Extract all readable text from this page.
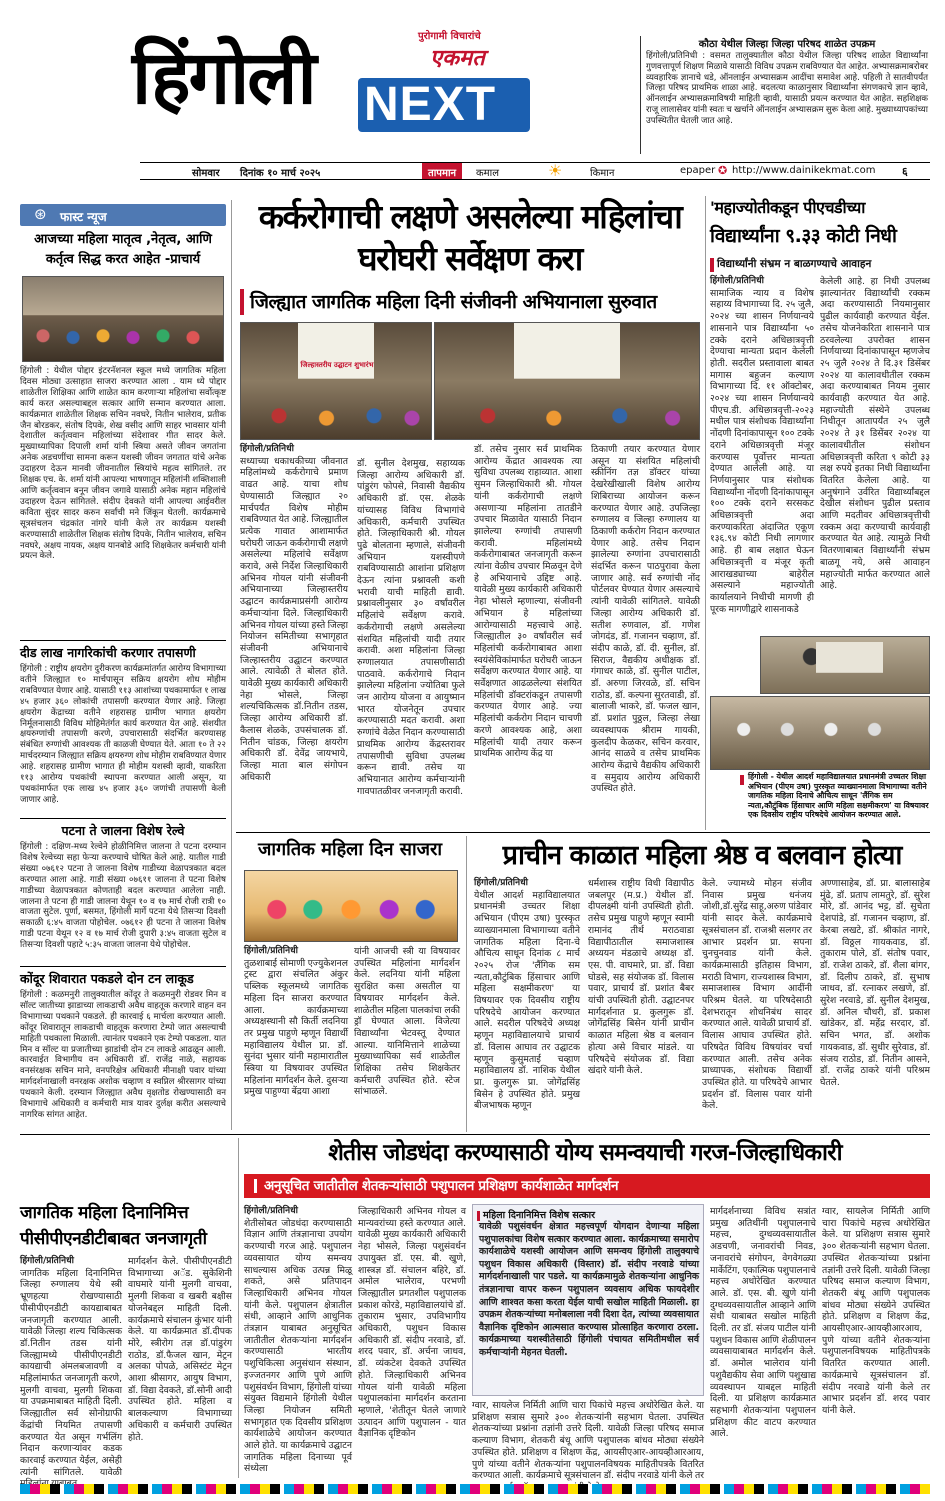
हिंगोली	पुरोगामी विचारांचे
एकमत
NEXT
कौठा येथील जिल्हा जिल्हा परिषद शाळेत उपक्रम
हिंगोली/प्रतिनिधी : वसमत तालुक्यातील कौठा येथील जिल्हा परिषद शाळेत विद्यार्थ्यांना गुणवत्तापूर्ण शिक्षण मिळावे यासाठी विविध उपक्रम राबविण्यात येत आहेत. अभ्यासक्रमाबरोबर व्यवहारिक ज्ञानाचे धडे, ऑनलाईन अभ्यासक्रम आदींचा समावेश आहे. पहिली ते सातवीपर्यंत जिल्हा परिषद प्राथमिक शाळा आहे. बदलत्या काळानुसार विद्यार्थ्यांना संगणकाचे ज्ञान व्हावे, ऑनलाईन अभ्यासक्रमाविषयी माहिती व्हावी, यासाठी प्रयत्न करण्यात येत आहेत. सहशिक्षक राजू लालासेवर यांनी स्वतः च खर्चाने ऑनलाईन अभ्यासक्रम सुरू केला आहे. मुख्याध्यापकांच्या उपस्थितीत घेतली जात आहे.
सोमवार दिनांक १० मार्च २०२५	तापमान	कमाल	☀	किमान	epaper ✪ http://www.dainikekmat.com ६
⊛ फास्ट न्यूज
आजच्या महिला मातृत्व ,नेतृत्व, आणि कर्तृत्व सिद्ध करत आहेत -प्राचार्य
हिंगोली : येथील पोद्दार इंटरनॅशनल स्कूल मध्ये जागतिक महिला दिवस मोठ्या उत्साहात साजरा करण्यात आला . याम ध्ये पोद्दार शाळेतील शिक्षिका आणि शाळेत काम करणाऱ्या महिलांचा सर्वोत्कृष्ट कार्य करत असल्याबद्दल सत्कार आणि सन्मान करण्यात आला. कार्यक्रमात शाळेतील शिक्षक सचिन नवघरे, नितीन भालेराव, प्रतीक जैन बोरडकर, संतोष दिपके, शेख वसीद आणि साहर भावसार यांनी देशातील कर्तृत्ववान महिलांच्या संदेशावर गीत सादर केले. मुख्याध्यापिका दिपाली शर्मा यांनी स्त्रिया असते जीवन जगतांना अनेक अडचणींचा सामना करून यशस्वी जीवन जगतात यांचे अनेक उदाहरण देऊन मानवी जीवनातील स्त्रियांचे महत्व सांगितले. तर शिक्षक एच. के. शर्मा यांनी आपल्या भाषणातून महिलांनी शक्तिशाली आणि कर्तृत्ववान बनून जीवन जगावे यासाठी अनेक महान महिलांचे उदाहरण देऊन सांगितले. संदीप देवकते यांनी आपल्या आईवरील कविता सुंदर सादर करुन सर्वांची मने जिंकून घेतली. कार्यक्रमाचे सूत्रसंचलन चंद्रकांत नांगरे यांनी केले तर कार्यक्रम यशस्वी करण्यासाठी शाळेतील शिक्षक संतोष दिपके, नितीन भालेराव, सचिन नवघरे, अक्षय नायक, अक्षय यानबोडे आदि शिक्षकेतर कर्मचारी यांनी प्रयत्न केले.
दीड लाख नागरिकांची करणार तपासणी
हिंगोली : राष्ट्रीय क्षयरोग दुरीकरण कार्यक्रमांतर्गत आरोग्य विभागाच्या वतीने जिल्ह्यात १० मार्चपासून सक्रिय क्षयरोग शोध मोहीम राबविण्यात येणार आहे. यासाठी ११३ आशांच्या पथकामार्फत १ लाख ४५ हजार ३६० लोकांची तपासणी करण्यात येणार आहे. जिल्हा क्षयरोग केंद्राच्या वतीने शहरासह ग्रामीण भागात क्षयरोग निर्मूलनासाठी विविध मोहिमेतंर्गत कार्य करण्यात येत आहे. संशयीत क्षयरुग्णांची तपासणी करणे, उपचारासाठी संदर्भित करण्यासह संबंधित रुग्णांची आवश्यक ती काळजी घेण्यात येते. आता १० ते २२ मार्चदरम्यान जिल्ह्यात सक्रिय क्षयरुग्ण शोध मोहीम राबविण्यात येणार आहे. शहरासह ग्रामीण भागात ही मोहीम यशस्वी व्हावी, याकरिता ११३ आरोग्य पथकांची स्थापना करण्यात आली असून, या पथकांमार्फत एक लाख ४५ हजार ३६० जणांची तपासणी केली जाणार आहे.
पटना ते जालना विशेष रेल्वे
हिंगोली : दक्षिण-मध्य रेल्वेने होळीनिमित्त जालना ते पटना दरम्यान विशेष रेल्वेच्या सहा फेऱ्या करण्याचे घोषित केले आहे. यातील गाडी संख्या ०७६१२ पटना ते जालना विशेष गाडीच्या वेळापत्रकात बदल करण्यात आला आहे. गाडी संख्या ०७६११ जालना ते पटना विशेष गाडीच्या वेळापत्रकात कोणताही बदल करण्यात आलेला नाही. जालना ते पटना ही गाडी जालना येथून १० व १७ मार्च रोजी रात्री १० वाजता सुटेल. पूर्णा, बसमत, हिंगोली मार्गे पटना येथे तिसऱ्या दिवशी सकाळी ६:४५ वाजता पोहोचेल. ०७६१२ ही पटना ते जालना विशेष गाडी पटना येथून १२ व १७ मार्च रोजी दुपारी ३:४५ वाजता सुटेल व तिसऱ्या दिवशी पहाटे ५:३५ वाजता जालना येथे पोहोचेल.
कोंदूर शिवारात पकडले दोन टन लाकूड
हिंगोली : कळमनुरी तालुक्यातील कोंदूर ते कळमनुरी रोडवर मिन व सॉल्ट जातीच्या झाडाच्या लाकडाची अवैध वाहतूक करणारे वाहन वन विभागाच्या पथकाने पकडले. ही कारवाई ६ मार्चला करण्यात आली. कोंदूर शिवारातून लाकडाची वाहतूक करणारा टेम्पो जात असल्याची माहिती पथकाला मिळाली. त्यानंतर पथकाने एक टेम्पो पकडला. यात मिन व सॉल्ट या प्रजातीच्या झाडांची दोन टन लाकडे आढळून आली. कारवाईत विभागीय वन अधिकारी डॉ. राजेंद्र नाळे, सहायक वनसंरक्षक सचिन माने, वनपरिक्षेत्र अधिकारी मीनाक्षी पवार यांच्या मार्गदर्शनाखाली वनरक्षक अशोक चव्हाण व स्वप्निल श्रीरसागर यांच्या पथकाने केली. दरम्यान जिल्ह्यात अवैध वृक्षतोड रोखण्यासाठी वन विभागाचे अधिकारी व कर्मचारी मात्र यावर दुर्लक्ष करीत असल्याचे नागरिक सांगत आहेत.
कर्करोगाची लक्षणे असलेल्या महिलांचा घरोघरी सर्वेक्षण करा
जिल्ह्यात जागतिक महिला दिनी संजीवनी अभियानाला सुरुवात
जिल्हास्तरीय उद्घाटन शुभारंभ
हिंगोली/प्रतिनिधी
सध्याच्या धकाधकीच्या जीवनात महिलांमध्ये कर्करोगाचे प्रमाण वाढत आहे. याचा शोध घेण्यासाठी जिल्ह्यात २० मार्चपर्यंत विशेष मोहीम राबविण्यात येत आहे. जिल्ह्यातील प्रत्येक गावात आशामार्फत घरोघरी जाऊन कर्करोगाची लक्षणे असलेल्या महिलांचे सर्वेक्षण करावे, असे निर्देश जिल्हाधिकारी अभिनव गोयल यांनी संजीवनी अभियानाच्या जिल्हास्तरीय उद्घाटन कार्यक्रमाप्रसंगी आरोग्य कर्मचाऱ्यांना दिले. जिल्हाधिकारी अभिनव गोयल यांच्या हस्ते जिल्हा नियोजन समितीच्या सभागृहात संजीवनी अभियानाचे जिल्हास्तरीय उद्घाटन करण्यात आले. त्यावेळी ते बोलत होते. यावेळी मुख्य कार्यकारी अधिकारी नेहा भोसले, जिल्हा शल्यचिकित्सक डॉ.नितीन तडस, जिल्हा आरोग्य अधिकारी डॉ. कैलास शेळके, उपसंचालक डॉ. नितीन चांडक, जिल्हा क्षयरोग अधिकारी डॉ. देवेंद्र जायभाये, जिल्हा माता बाल संगोपन अधिकारी
डॉ. सुनील देशमुख, सहाय्यक जिल्हा आरोग्य अधिकारी डॉ. पांडुरंग फोपसे, निवासी वैद्यकीय अधिकारी डॉ. एस. शेळके यांच्यासह विविध विभागांचे अधिकारी, कर्मचारी उपस्थित होते. जिल्हाधिकारी श्री. गोयल पुढे बोलताना म्हणाले, संजीवनी अभियान यशस्वीपणे राबविण्यासाठी आशांना प्रशिक्षण देऊन त्यांना प्रश्नावली कशी भरावी याची माहिती द्यावी. प्रश्नावलीनुसार ३० वर्षांवरील महिलांचे सर्वेक्षण करावे. कर्करोगाची लक्षणे असलेल्या संशयित महिलांची यादी तयार करावी. अशा महिलांना जिल्हा रुग्णालयात तपासणीसाठी पाठवावे. कर्करोगाचे निदान झालेल्या महिलांना ज्योतिबा फुले जन आरोग्य योजना व आयुष्मान भारत योजनेतून उपचार करण्यासाठी मदत करावी. अशा रुग्णांचे वेळेत निदान करण्यासाठी प्राथमिक आरोग्य केंद्रस्तरावर तपासणीची सुविधा उपलब्ध करून द्यावी. तसेच या अभियानात आरोग्य कर्मचाऱ्यांनी गावपातळीवर जनजागृती करावी.
डॉ. तसेच नुसार सर्व प्राथमिक आरोग्य केंद्रात आवश्यक त्या सुविधा उपलब्ध राहाव्यात. आशा सुमन जिल्हाधिकारी श्री. गोयल यांनी कर्करोगाची लक्षणे असणाऱ्या महिलांना तातडीने उपचार मिळावेत यासाठी निदान झालेल्या रुग्णांची तपासणी करावी. महिलांमध्ये कर्करोगाबाबत जनजागृती करून त्यांना वेळीच उपचार मिळवून देणे हे अभियानाचे उद्दिष्ट आहे. यावेळी मुख्य कार्यकारी अधिकारी नेहा भोसले म्हणाल्या, संजीवनी अभियान हे महिलांच्या आरोग्यासाठी महत्त्वाचे आहे. जिल्ह्यातील ३० वर्षांवरील सर्व महिलांची कर्करोगाबाबत आशा स्वयंसेविकांमार्फत घरोघरी जाऊन सर्वेक्षण करण्यात येणार आहे. या सर्वेक्षणात आढळलेल्या संशयित महिलांची डॉक्टरांकडून तपासणी करण्यात येणार आहे. ज्या महिलांची कर्करोग निदान चाचणी करणे आवश्यक आहे, अशा महिलांची यादी तयार करून प्राथमिक आरोग्य केंद्र या
ठिकाणी तयार करण्यात येणार असून या संशयित महिलांची स्क्रीनिंग तज्ञ डॉक्टर यांच्या देखरेखीखाली विशेष आरोग्य शिबिराच्या आयोजन करून करण्यात येणार आहे. उपजिल्हा रुग्णालय व जिल्हा रुग्णालय या ठिकाणी कर्करोग निदान करण्यात येणार आहे. तसेच निदान झालेल्या रुग्णांना उपचारासाठी संदर्भित करून पाठपुरावा केला जाणार आहे. सर्व रुग्णांची नोंद पोर्टलवर घेण्यात येणार असल्याचे त्यांनी यावेळी सांगितले. यावेळी जिल्हा आरोग्य अधिकारी डॉ. सतीश रुणवाल, डॉ. गणेश जोगदंड, डॉ. गजानन चव्हाण, डॉ. संदीप काळे, डॉ. दी. सुनील, डॉ. सिराज, वैद्यकीय अधीक्षक डॉ. गंगाधर काळे, डॉ. सुनील पाटील, डॉ. अरुणा जिरवळे, डॉ. सचिन राठोड, डॉ. कल्पना सुरतवाडी, डॉ. बालाजी भाकरे, डॉ. फजल खान, डॉ. प्रशांत पुठ्ठल, जिल्हा लेखा व्यवस्थापक श्रीराम गायकी, कुलदीप केळकर, सचिन करवार, आनंद साळवे व तसेच प्राथमिक आरोग्य केंद्राचे वैद्यकीय अधिकारी व समुदाय आरोग्य अधिकारी उपस्थित होते.
'महाज्योतीकडून पीएचडीच्या
विद्यार्थ्यांना ९.३३ कोटी निधी
विद्यार्थ्यांनी संभ्रम न बाळगण्याचे आवाहन
हिंगोली/प्रतिनिधी
सामाजिक न्याय व विशेष सहाय्य विभागाच्या दि. २५ जुलै, २०२४ च्या शासन निर्णयान्वये शासनाने पात्र विद्यार्थ्यांना ५० टक्के दराने अधिछात्रवृत्ती देण्याचा मान्यता प्रदान केलेली होती. सदरील प्रस्तावाला बाबत मागास बहुजन कल्याण विभागाच्या दि. ११ ऑक्टोबर, २०२४ च्या शासन निर्णयान्वये पीएच.डी. अधिछात्रवृत्ती-२०२३ मधील पात्र संशोधक विद्यार्थ्यांना नोंदणी दिनांकापासून १०० टक्के दराने अधिछात्रवृत्ती मंजूर करण्यास पूर्वोत्तर मान्यता देण्यात आलेली आहे. या निर्णयानुसार पात्र संशोधक विद्यार्थ्यांना नोंदणी दिनांकापासून १०० टक्के दराने सरसकट अधिछात्रवृत्ती अदा करण्याकरिता अंदाजित एकूण १३६.९४ कोटी निधी लागणार आहे. ही बाब लक्षात घेऊन अधिछात्रवृत्ती व मंजूर कृती आराखड्याच्या बाहेरील असल्याने महाज्योती कार्यालयाने निधीची मागणी ही पूरक मागणीद्वारे शासनाकडे
केलेली आहे. हा निधी उपलब्ध झाल्यानंतर विद्यार्थ्यांची रक्कम अदा करण्यासाठी नियमानुसार पुढील कार्यवाही करण्यात येईल. तसेच योजनेकरिता शासनाने पात्र ठरवलेल्या उपरोक्त शासन निर्णयाच्या दिनांकापासून म्हणजेच २५ जुलै २०२४ ते दि.३१ डिसेंबर २०२४ या कालावधीतील रक्कम अदा करण्याबाबत नियम नुसार कार्यवाही करण्यात येत आहे. महाज्योती संस्थेने उपलब्ध निधीतून आतापर्यंत २५ जुलै २०२४ ते ३१ डिसेंबर २०२४ या कालावधीतील संशोधन अधिछात्रवृत्ती करिता ९ कोटी ३३ लक्ष रुपये इतका निधी विद्यार्थ्यांना वितरित केलेला आहे. या अनुषंगाने उर्वरित विद्यार्थ्यांबद्दल देखील संशोधन पुढील प्रस्ताव आणि मदतीवर अधिछात्रवृत्तीची रक्कम अदा करण्याची कार्यवाही करण्यात येत आहे. त्यामुळे निधी वितरणाबाबत विद्यार्थ्यांनी संभ्रम बाळगू नये, असे आवाहन महाज्योती मार्फत करण्यात आले आहे.
हिंगोली - येथील आदर्श महाविद्यालयात प्रधानमंत्री उच्चतर शिक्षा अभियान (पीएम उषा) पुरस्कृत व्याख्यानमाला विभागाच्या वतीने जागतिक महिला दिनाचे औचित्य साधून 'लैंगिक सम न्यता,कौटुंबिक हिंसाचार आणि महिला सक्षमीकरण' या विषयावर एक दिवसीय राष्ट्रीय परिषदेचे आयोजन करण्यात आले.
जागतिक महिला दिन साजरा
हिंगोली/प्रतिनिधी
तुळशाबाई सोमाणी एज्युकेशनल ट्रस्ट द्वारा संचलित अंकुर पब्लिक स्कूलमध्ये जागतिक महिला दिन साजरा करण्यात आला. कार्यक्रमाच्या अध्यक्षस्थानी सौ किर्ती लदनिया तर प्रमुख पाहुणे म्हणून विद्यार्थी महाविद्यालय येथील प्रा. डॉ. सुनंदा भुसार यांनी महामारातील स्त्रिया या विषयावर उपस्थित महिलांना मार्गदर्शन केले. दुसऱ्या प्रमुख पाहुण्या बेंद्रया आशा
यांनी आजची स्त्री या विषयावर उपस्थित महिलांना मार्गदर्शन केले. लदनिया यांनी महिला सुरक्षित कसा असतील या विषयावर मार्गदर्शन केले. शाळेतील महिला पालकांचा लकी ड्रॉ घेण्यात आला. विजेत्या विद्यार्थ्यांना भेटवस्तू देण्यात आल्या. यानिमित्ताने शाळेच्या मुख्याध्यापिका सर्व शाळेतील शिक्षिका तसेच शिक्षकेतर कर्मचारी उपस्थित होते. स्टेज सांभाळले.
प्राचीन काळात महिला श्रेष्ठ व बलवान होत्या
हिंगोली/प्रतिनिधी
येथील आदर्श महाविद्यालयात प्रधानमंत्री उच्चतर शिक्षा अभियान (पीएम उषा) पुरस्कृत व्याख्यानमाला विभागाच्या वतीने जागतिक महिला दिना-चे औचित्य साधून दिनांक ८ मार्च २०२५ रोज 'लैंगिक सम न्यता,कौटुंबिक हिंसाचार आणि महिला सक्षमीकरण' या विषयावर एक दिवसीय राष्ट्रीय परिषदेचे आयोजन करण्यात आले. सदरील परिषदेचे अध्यक्ष म्हणून महाविद्यालयाचे प्राचार्य डॉ. विलास आघाव तर उद्घाटक म्हणून कुसुमताई चव्हाण महाविद्यालय डॉ. नाशिक येथील प्रा. कुलगुरू प्रा. जोगेंद्रसिंह बिसेन हे उपस्थित होते. प्रमुख बीजभाषक म्हणून
धर्मशास्त्र राष्ट्रीय विधी विद्यापीठ जबलपूर (म.प्र.) येथील डॉ. दीपलक्ष्मी यांनी उपस्थिती होती. तसेच प्रमुख पाहुणे म्हणून स्वामी रामानंद तीर्थ मराठवाडा विद्यापीठातील समाजशास्त्र अध्ययन मंडळाचे अध्यक्ष डॉ. एस. पी. वाघमारे, प्रा. डॉ. विद्या घोडसे, सह संयोजक डॉ. विलास पवार, प्राचार्य डॉ. प्रशांत बैबर यांची उपस्थिती होती. उद्घाटनपर मार्गदर्शनात प्र. कुलगुरू डॉ. जोगेंद्रसिंह बिसेन यांनी प्राचीन काळात महिला श्रेष्ठ व बलवान होत्या असे विचार मांडले. या परिषदेचे संयोजक डॉ. विद्या खंदारे यांनी केले.
केले. ज्यामध्ये मोहन संजीव निवास प्रमुख धनंजय जोशी,डॉ.सुरेंद्र साहू,अरुण पांडेवार यांनी सादर केले. कार्यक्रमाचे सूत्रसंचालन डॉ. राजश्री सलगर तर आभार प्रदर्शन प्रा. सपना चुनचुनवाड यांनी केले. कार्यक्रमासाठी इतिहास विभाग, मराठी विभाग, राज्यशास्त्र विभाग, समाजशास्त्र विभाग आदींनी परिश्रम घेतले. या परिषदेसाठी देशभरातून शोधनिबंध सादर करण्यात आले. यावेळी प्राचार्य डॉ. विलास आघाव उपस्थित होते. परिषदेत विविध विषयांवर चर्चा करण्यात आली. तसेच अनेक प्राध्यापक, संशोधक विद्यार्थी उपस्थित होते. या परिषदेचे आभार प्रदर्शन डॉ. विलास पवार यांनी केले.
अण्णासाहेब, डॉ. प्रा. बालासाहेब मुंढे, डॉ. प्रताप लामतुरे, डॉ. सुरेश मोरे, डॉ. आनंद भट्ट, डॉ. सुचेता देशपांडे, डॉ. गजानन चव्हाण, डॉ. केरबा लखटे, डॉ. श्रीकांत नागरे, डॉ. विठ्ठल गायकवाड, डॉ. तुकाराम पोले, डॉ. संतोष पवार, डॉ. राजेश ठाकरे, डॉ. शैला बांगर, डॉ. दिलीप ठाकरे, डॉ. सुभाष जाधव, डॉ. रत्नाकर लखणे, डॉ. सुरेश नरवाडे, डॉ. सुनील देशमुख, डॉ. अनिल चौधरी, डॉ. प्रकाश खांडेकर, डॉ. महेंद्र सरदार, डॉ. सचिन भगत, डॉ. अशोक गायकवाड, डॉ. सुधीर सुरेवाड, डॉ. संजय राठोड, डॉ. नितीन आसने, डॉ. राजेंद्र ठाकरे यांनी परिश्रम घेतले.
शेतीस जोडधंदा करण्यासाठी योग्य समन्वयाची गरज-जिल्हाधिकारी
अनुसूचित जातीतील शेतकऱ्यांसाठी पशुपालन प्रशिक्षण कार्यशाळेत मार्गदर्शन
हिंगोली/प्रतिनिधी
शेतीसोबत जोडधंदा करण्यासाठी विज्ञान आणि तंत्रज्ञानाचा उपयोग करण्याची गरज आहे. पशुपालन व्यवसायात योग्य समन्वय साधल्यास अधिक उत्पन्न मिळू शकते, असे प्रतिपादन जिल्हाधिकारी अभिनव गोयल यांनी केले. पशुपालन क्षेत्रातील संधी, आव्हाने आणि आधुनिक तंत्रज्ञान याबाबत अनुसूचित जातीतील शेतकऱ्यांना मार्गदर्शन करण्यासाठी भारतीय पशुचिकित्सा अनुसंधान संस्थान, इज्जतनगर आणि पुणे आणि पशुसंवर्धन विभाग, हिंगोली यांच्या संयुक्त विद्यमाने हिंगोली येथील जिल्हा नियोजन समिती सभागृहात एक दिवसीय प्रशिक्षण कार्यशाळेचे आयोजन करण्यात आले होते. या कार्यक्रमाचे उद्घाटन जागतिक महिला दिनाच्या पूर्व संध्येला
जिल्हाधिकारी अभिनव गोयल व मान्यवरांच्या हस्ते करण्यात आले. यावेळी मुख्य कार्यकारी अधिकारी नेहा भोसले, जिल्हा पशुसंवर्धन उपायुक्त डॉ. एस. बी. खुणे, शास्त्रज्ञ डॉ. संचालन बहिरे, डॉ. अमोल भालेराव, परभणी जिल्ह्यातील प्रगतशील पशुपालक प्रकाश कोरडे, महाविद्यालयांचे डॉ. तुकाराम भुसार, उपविभागीय अधिकारी, पशुधन विकास अधिकारी डॉ. संदीप नरवाडे, डॉ. शरद पवार, डॉ. अर्चना जाधव, डॉ. व्यंकटेश देवकते उपस्थित होते. जिल्हाधिकारी अभिनव गोयल यांनी यावेळी महिला पशुपालकांना मार्गदर्शन करताना म्हणाले, 'शेतीतून घेतले जाणारे उत्पादन आणि पशुपालन - यात वैज्ञानिक दृष्टिकोन
महिला दिनानिमित्त विशेष सत्कार
यावेळी पशुसंवर्धन क्षेत्रात महत्त्वपूर्ण योगदान देणाऱ्या महिला पशुपालकांचा विशेष सत्कार करण्यात आला. कार्यक्रमाच्या समारोप कार्यशाळेचे यशस्वी आयोजन आणि समन्वय हिंगोली तालुक्याचे पशुधन विकास अधिकारी (विस्तार) डॉ. संदीप नरवाडे यांच्या मार्गदर्शनाखाली पार पडले. या कार्यक्रमामुळे शेतकऱ्यांना आधुनिक तंत्रज्ञानाचा वापर करून पशुपालन व्यवसाय अधिक फायदेशीर आणि शाश्वत कसा करता येईल याची सखोल माहिती मिळाली. हा उपक्रम शेतकऱ्यांच्या मनोबलाला नवी दिशा देत, त्यांच्या व्यवसायात वैज्ञानिक दृष्टिकोन आत्मसात करण्यास प्रोत्साहित करणारा ठरला. कार्यक्रमाच्या यशस्वीतेसाठी हिंगोली पंचायत समितीमधील सर्व कर्मचाऱ्यांनी मेहनत घेतली.
ग्वार, सायलेज निर्मिती आणि चारा पिकांचे महत्त्व अधोरेखित केले. या प्रशिक्षण सत्रास सुमारे ३०० शेतकऱ्यांनी सहभाग घेतला. उपस्थित शेतकऱ्यांच्या प्रश्नांना तज्ञांनी उत्तरे दिली. यावेळी जिल्हा परिषद समाज कल्याण विभाग, शेतकरी बंधू आणि पशुपालक बांधव मोठ्या संख्येने उपस्थित होते. प्रशिक्षण व शिक्षण केंद्र, आयसीएआर-आयव्हीआरआय, पुणे यांच्या वतीने शेतकऱ्यांना पशुपालनविषयक माहितीपत्रके वितरित करण्यात आली. कार्यक्रमाचे सूत्रसंचालन डॉ. संदीप नरवाडे यांनी केले तर
मार्गदर्शनाच्या विविध सत्रांत प्रमुख अतिथींनी पशुपालनाचे महत्त्व, दुग्धव्यवसायातील अडचणी, जनावरांची निवड, जनावरांचे संगोपन, वेगवेगळ्या मार्केटिंग, एकात्मिक पशुपालनाचे महत्त्व अधोरेखित करण्यात आले. डॉ. एस. बी. खुणे यांनी दुग्धव्यवसायातील आव्हाने आणि संधी याबाबत सखोल माहिती दिली. तर डॉ. संजय पाटील यांनी पशुधन विकास आणि शेळीपालन व्यवसायाबाबत मार्गदर्शन केले. डॉ. अमोल भालेराव यांनी पशुवैद्यकीय सेवा आणि पशुखाद्य व्यवस्थापन याबद्दल माहिती दिली. या प्रशिक्षण कार्यक्रमात सहभागी शेतकऱ्यांना पशुपालन प्रशिक्षण कीट वाटप करण्यात आले.
ग्वार, सायलेज निर्मिती आणि चारा पिकांचे महत्त्व अधोरेखित केले. या प्रशिक्षण सत्रास सुमारे ३०० शेतकऱ्यांनी सहभाग घेतला. उपस्थित शेतकऱ्यांच्या प्रश्नांना तज्ञांनी उत्तरे दिली. यावेळी जिल्हा परिषद समाज कल्याण विभाग, शेतकरी बंधू आणि पशुपालक बांधव मोठ्या संख्येने उपस्थित होते. प्रशिक्षण व शिक्षण केंद्र, आयसीएआर-आयव्हीआरआय, पुणे यांच्या वतीने शेतकऱ्यांना पशुपालनविषयक माहितीपत्रके वितरित करण्यात आली. कार्यक्रमाचे सूत्रसंचालन डॉ. संदीप नरवाडे यांनी केले तर आभार प्रदर्शन डॉ. शरद पवार यांनी केले.
जागतिक महिला दिनानिमित्त पीसीपीएनडीटीबाबत जनजागृती
हिंगोली/प्रतिनिधी
जागतिक महिला दिनानिमित्त जिल्हा रुग्णालय येथे स्त्री भ्रूणहत्या रोखण्यासाठी पीसीपीएनडीटी कायद्याबाबत जनजागृती करण्यात आली. यावेळी जिल्हा शल्य चिकित्सक डॉ.नितीन तडस यांनी जिल्ह्यामध्ये पीसीपीएनडीटी कायद्याची अंमलबजावणी व महिलांमार्फत जनजागृती करणे, मुलगी वाचवा, मुलगी शिकवा या उपक्रमाबाबत माहिती दिली. जिल्ह्यातील सर्व सोनोग्राफी केंद्रांची नियमित तपासणी करण्यात येत असून गर्भलिंग निदान करणाऱ्यांवर कडक कारवाई करण्यात येईल, असेही त्यांनी सांगितले. यावेळी
मार्गदर्शन केले. पीसीपीएनडीटी विभागाच्या अॅड. सुकेशिनी वाघमारे यांनी मुलगी वाचवा, मुलगी शिकवा व खबरी बक्षीस योजनेबद्दल माहिती दिली. कार्यक्रमाचे संचालन कुंभार यांनी केले. या कार्यक्रमात डॉ.दीपक मोरे, स्त्रीरोग तज्ञ डॉ.पांडुरंग राठोड, डॉ.फैजल खान, मेट्रन अलका पोपळे, असिस्टंट मेट्रन आशा श्रीसागर, आयुष विभाग, डॉ. विद्या देवकते, डॉ.सोनी आदी उपस्थित होते. महिला व बालकल्याण विभागाच्या अधिकारी व कर्मचारी उपस्थित होते.
